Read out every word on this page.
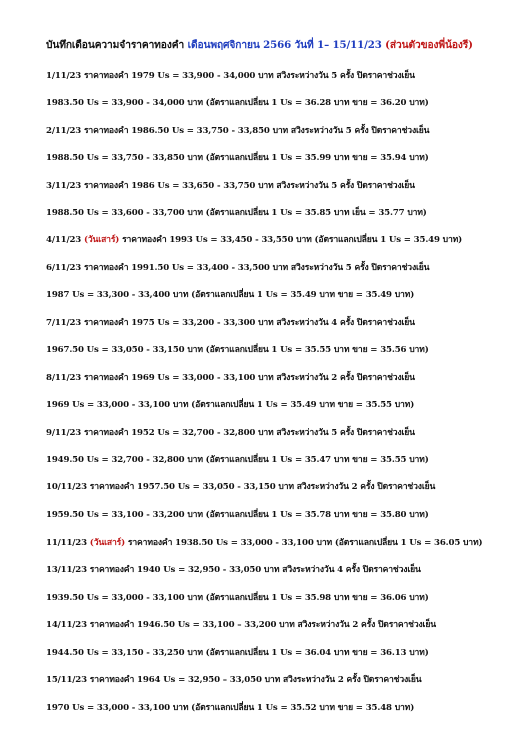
บันทึกเดือนความจำราคาทองคำ เดือนพฤศจิกายน 2566 วันที่ 1– 15/11/23 (ส่วนตัวของพี่น้องรี)
1/11/23 ราคาทองคำ 1979 Us = 33,900 - 34,000 บาท สวิงระหว่างวัน 5 ครั้ง ปิดราคาช่วงเย็น
1983.50 Us = 33,900 - 34,000 บาท (อัตราแลกเปลี่ยน 1 Us = 36.28 บาท ขาย = 36.20 บาท)
2/11/23 ราคาทองคำ 1986.50 Us = 33,750 - 33,850 บาท สวิงระหว่างวัน 5 ครั้ง ปิดราคาช่วงเย็น
1988.50 Us = 33,750 - 33,850 บาท (อัตราแลกเปลี่ยน 1 Us = 35.99 บาท ขาย = 35.94 บาท)
3/11/23 ราคาทองคำ 1986 Us = 33,650 - 33,750 บาท สวิงระหว่างวัน 5 ครั้ง ปิดราคาช่วงเย็น
1988.50 Us = 33,600 - 33,700 บาท (อัตราแลกเปลี่ยน 1 Us = 35.85 บาท เย็น = 35.77 บาท)
4/11/23 (วันเสาร์) ราคาทองคำ 1993 Us = 33,450 - 33,550 บาท (อัตราแลกเปลี่ยน 1 Us = 35.49 บาท)
6/11/23 ราคาทองคำ 1991.50 Us = 33,400 - 33,500 บาท สวิงระหว่างวัน 5 ครั้ง ปิดราคาช่วงเย็น
1987 Us = 33,300 - 33,400 บาท (อัตราแลกเปลี่ยน 1 Us = 35.49 บาท ขาย = 35.49 บาท)
7/11/23 ราคาทองคำ 1975 Us = 33,200 - 33,300 บาท สวิงระหว่างวัน 4 ครั้ง ปิดราคาช่วงเย็น
1967.50 Us = 33,050 - 33,150 บาท (อัตราแลกเปลี่ยน 1 Us = 35.55 บาท ขาย = 35.56 บาท)
8/11/23 ราคาทองคำ 1969 Us = 33,000 - 33,100 บาท สวิงระหว่างวัน 2 ครั้ง ปิดราคาช่วงเย็น
1969 Us = 33,000 - 33,100 บาท (อัตราแลกเปลี่ยน 1 Us = 35.49 บาท ขาย = 35.55 บาท)
9/11/23 ราคาทองคำ 1952 Us = 32,700 - 32,800 บาท สวิงระหว่างวัน 5 ครั้ง ปิดราคาช่วงเย็น
1949.50 Us = 32,700 - 32,800 บาท (อัตราแลกเปลี่ยน 1 Us = 35.47 บาท ขาย = 35.55 บาท)
10/11/23 ราคาทองคำ 1957.50 Us = 33,050 - 33,150 บาท สวิงระหว่างวัน 2 ครั้ง ปิดราคาช่วงเย็น
1959.50 Us = 33,100 - 33,200 บาท (อัตราแลกเปลี่ยน 1 Us = 35.78 บาท ขาย = 35.80 บาท)
11/11/23 (วันเสาร์) ราคาทองคำ 1938.50 Us = 33,000 - 33,100 บาท (อัตราแลกเปลี่ยน 1 Us = 36.05 บาท)
13/11/23 ราคาทองคำ 1940 Us = 32,950 - 33,050 บาท สวิงระหว่างวัน 4 ครั้ง ปิดราคาช่วงเย็น
1939.50 Us = 33,000 - 33,100 บาท (อัตราแลกเปลี่ยน 1 Us = 35.98 บาท ขาย = 36.06 บาท)
14/11/23 ราคาทองคำ 1946.50 Us = 33,100 – 33,200 บาท สวิงระหว่างวัน 2 ครั้ง ปิดราคาช่วงเย็น
1944.50 Us = 33,150 - 33,250 บาท (อัตราแลกเปลี่ยน 1 Us = 36.04 บาท ขาย = 36.13 บาท)
15/11/23 ราคาทองคำ 1964 Us = 32,950 – 33,050 บาท สวิงระหว่างวัน 2 ครั้ง ปิดราคาช่วงเย็น
1970 Us = 33,000 - 33,100 บาท (อัตราแลกเปลี่ยน 1 Us = 35.52 บาท ขาย = 35.48 บาท)
